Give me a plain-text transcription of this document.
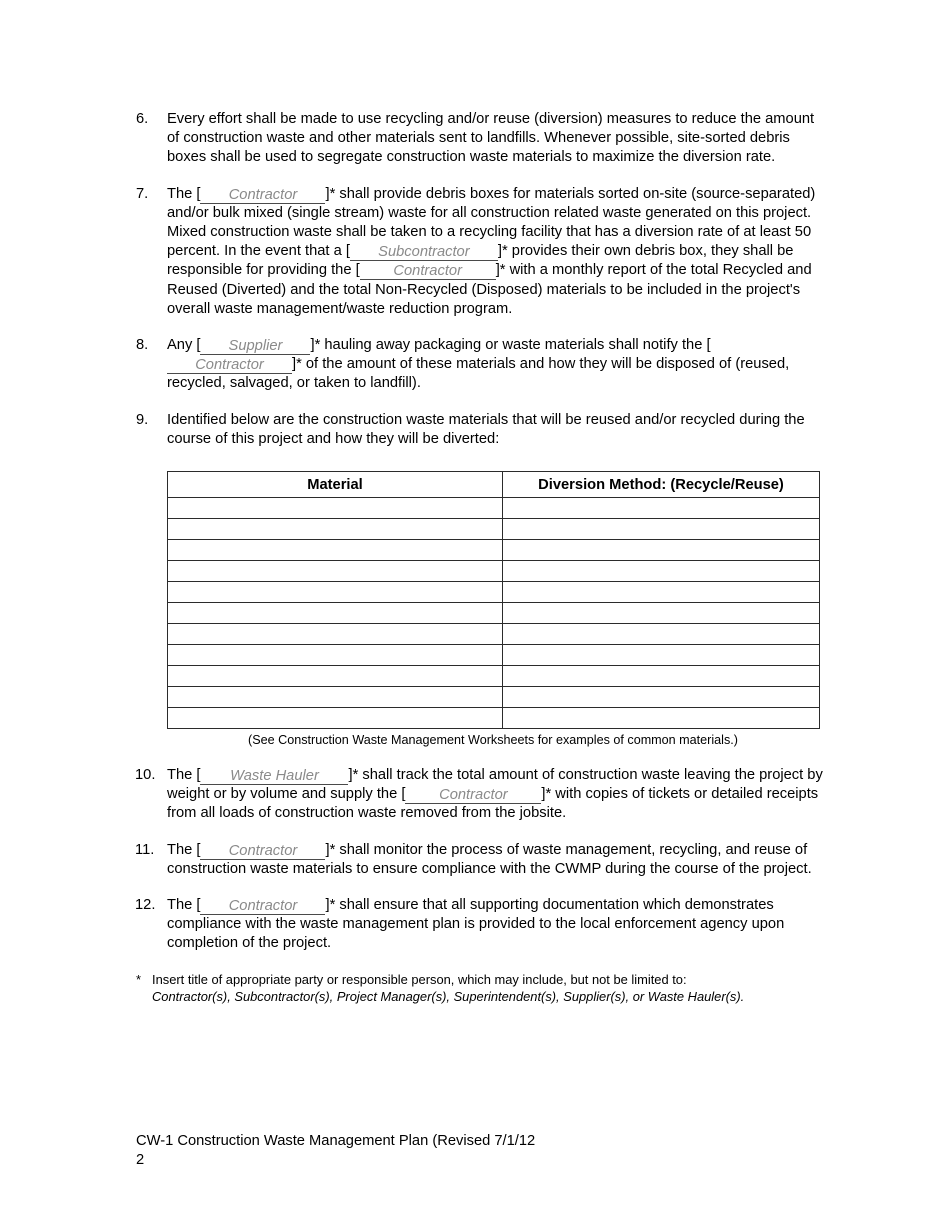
6.	Every effort shall be made to use recycling and/or reuse (diversion) measures to reduce the amount of construction waste and other materials sent to landfills. Whenever possible, site-sorted debris boxes shall be used to segregate construction waste materials to maximize the diversion rate.
7.	The [ Contractor ]* shall provide debris boxes for materials sorted on-site (source-separated) and/or bulk mixed (single stream) waste for all construction related waste generated on this project. Mixed construction waste shall be taken to a recycling facility that has a diversion rate of at least 50 percent. In the event that a [ Subcontractor ]* provides their own debris box, they shall be responsible for providing the [ Contractor ]* with a monthly report of the total Recycled and Reused (Diverted) and the total Non-Recycled (Disposed) materials to be included in the project's overall waste management/waste reduction program.
8.	Any [ Supplier ]* hauling away packaging or waste materials shall notify the [Contractor ]* of the amount of these materials and how they will be disposed of (reused, recycled, salvaged, or taken to landfill).
9.	Identified below are the construction waste materials that will be reused and/or recycled during the course of this project and how they will be diverted:
Material	Diversion Method: (Recycle/Reuse)

(See Construction Waste Management Worksheets for examples of common materials.)
10. The [ Waste Hauler ]* shall track the total amount of construction waste leaving the project by weight or by volume and supply the [ Contractor ]* with copies of tickets or detailed receipts from all loads of construction waste removed from the jobsite.
11. The [ Contractor ]* shall monitor the process of waste management, recycling, and reuse of construction waste materials to ensure compliance with the CWMP during the course of the project.
12. The [ Contractor ]* shall ensure that all supporting documentation which demonstrates compliance with the waste management plan is provided to the local enforcement agency upon completion of the project.
* Insert title of appropriate party or responsible person, which may include, but not be limited to:
Contractor(s), Subcontractor(s), Project Manager(s), Superintendent(s), Supplier(s), or Waste Hauler(s).
CW-1 Construction Waste Management Plan (Revised 7/1/12
2
